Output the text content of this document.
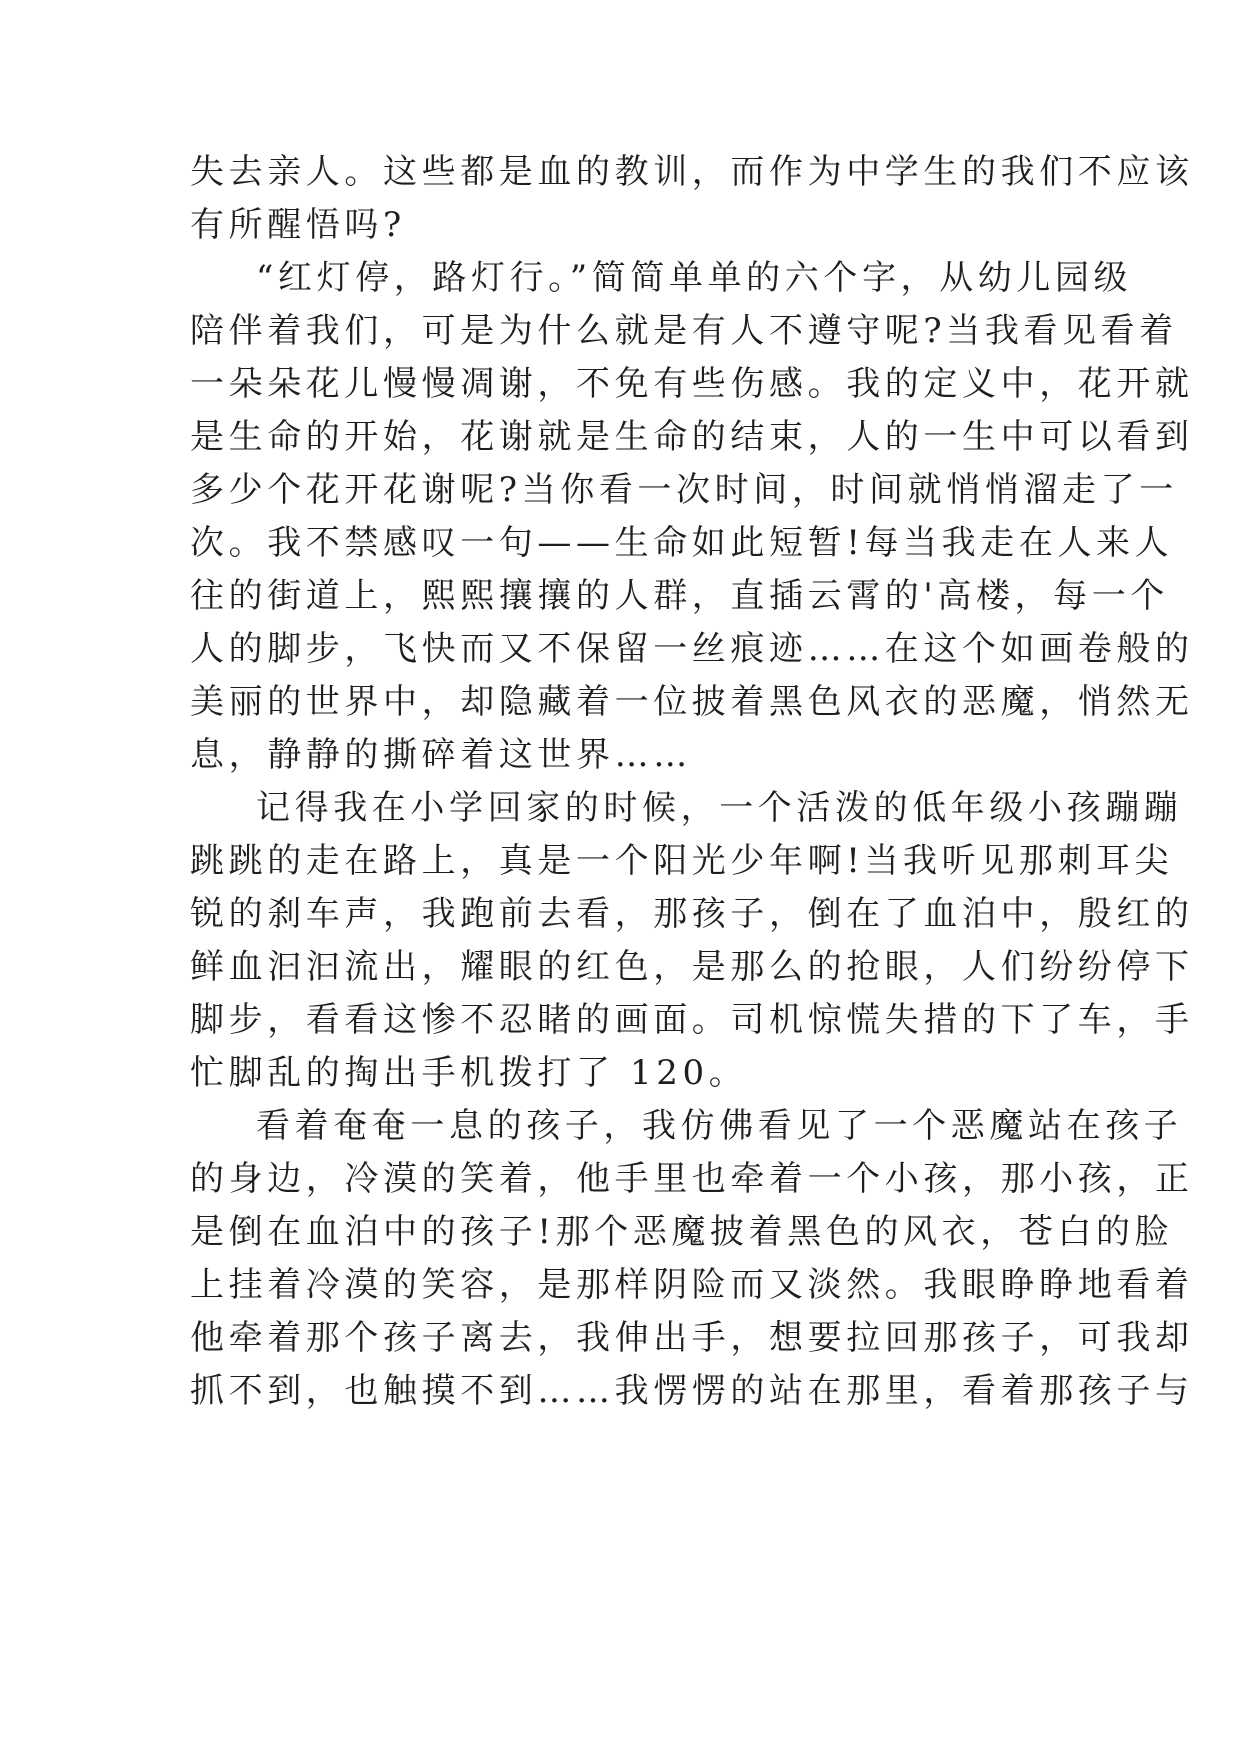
失去亲人。这些都是血的教训，而作为中学生的我们不应该
有所醒悟吗?
“红灯停，路灯行。”简简单单的六个字，从幼儿园级
陪伴着我们，可是为什么就是有人不遵守呢?当我看见看着
一朵朵花儿慢慢凋谢，不免有些伤感。我的定义中，花开就
是生命的开始，花谢就是生命的结束，人的一生中可以看到
多少个花开花谢呢?当你看一次时间，时间就悄悄溜走了一
次。我不禁感叹一句——生命如此短暂!每当我走在人来人
往的街道上，熙熙攘攘的人群，直插云霄的'高楼，每一个
人的脚步，飞快而又不保留一丝痕迹……在这个如画卷般的
美丽的世界中，却隐藏着一位披着黑色风衣的恶魔，悄然无
息，静静的撕碎着这世界……
记得我在小学回家的时候，一个活泼的低年级小孩蹦蹦
跳跳的走在路上，真是一个阳光少年啊!当我听见那刺耳尖
锐的刹车声，我跑前去看，那孩子，倒在了血泊中，殷红的
鲜血汩汩流出，耀眼的红色，是那么的抢眼，人们纷纷停下
脚步，看看这惨不忍睹的画面。司机惊慌失措的下了车，手
忙脚乱的掏出手机拨打了 120。
看着奄奄一息的孩子，我仿佛看见了一个恶魔站在孩子
的身边，冷漠的笑着，他手里也牵着一个小孩，那小孩，正
是倒在血泊中的孩子!那个恶魔披着黑色的风衣，苍白的脸
上挂着冷漠的笑容，是那样阴险而又淡然。我眼睁睁地看着
他牵着那个孩子离去，我伸出手，想要拉回那孩子，可我却
抓不到，也触摸不到……我愣愣的站在那里，看着那孩子与
